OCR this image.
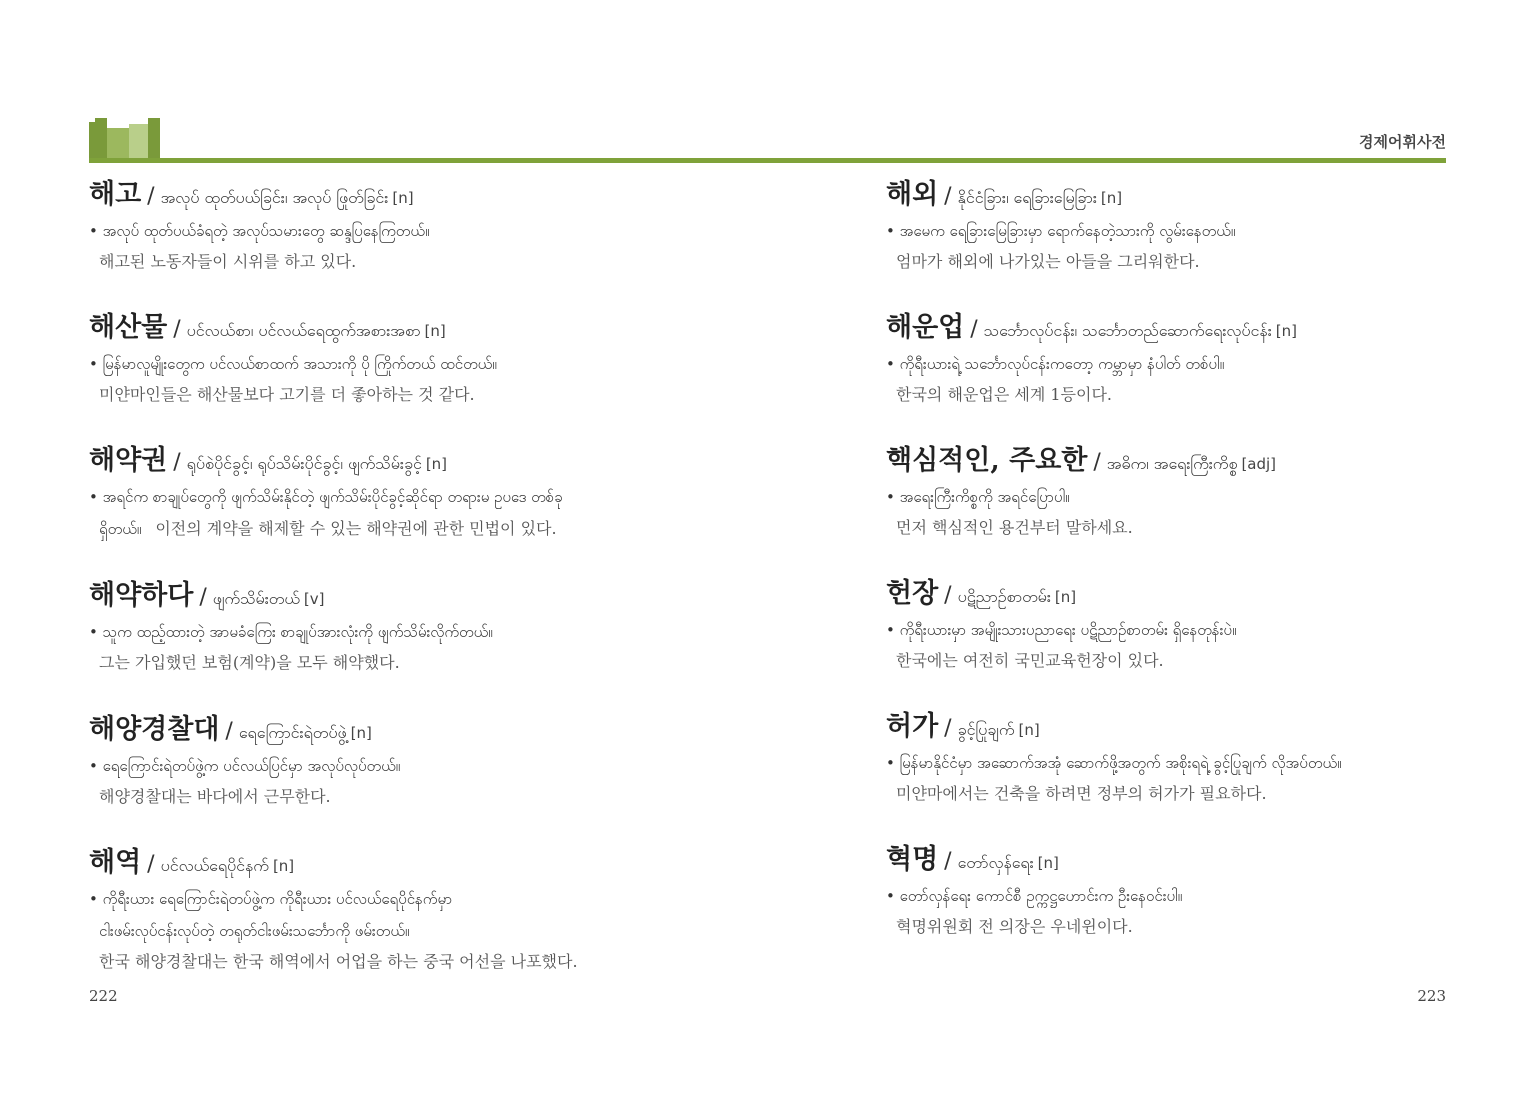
경제어휘사전
해고 / အလုပ် ထုတ်ပယ်ခြင်း၊ အလုပ် ဖြုတ်ခြင်း [n]
• အလုပ် ထုတ်ပယ်ခံရတဲ့ အလုပ်သမားတွေ ဆန္ဒပြနေကြတယ်။
해고된 노동자들이 시위를 하고 있다.
해산물 / ပင်လယ်စာ၊ ပင်လယ်ရေထွက်အစားအစာ [n]
• မြန်မာလူမျိုးတွေက ပင်လယ်စာထက် အသားကို ပို ကြိုက်တယ် ထင်တယ်။
미얀마인들은 해산물보다 고기를 더 좋아하는 것 같다.
해약권 / ရုပ်စဲပိုင်ခွင့်၊ ရုပ်သိမ်းပိုင်ခွင့်၊ ဖျက်သိမ်းခွင့် [n]
• အရင်က စာချုပ်တွေကို ဖျက်သိမ်းနိုင်တဲ့ ဖျက်သိမ်းပိုင်ခွင့်ဆိုင်ရာ တရားမ ဥပဒေ တစ်ခု
ရှိတယ်။ 이전의 계약을 해제할 수 있는 해약권에 관한 민법이 있다.
해약하다 / ဖျက်သိမ်းတယ် [v]
• သူက ထည့်ထားတဲ့ အာမခံကြေး စာချုပ်အားလုံးကို ဖျက်သိမ်းလိုက်တယ်။
그는 가입했던 보험(계약)을 모두 해약했다.
해양경찰대 / ရေကြောင်းရဲတပ်ဖွဲ့ [n]
• ရေကြောင်းရဲတပ်ဖွဲ့က ပင်လယ်ပြင်မှာ အလုပ်လုပ်တယ်။
해양경찰대는 바다에서 근무한다.
해역 / ပင်လယ်ရေပိုင်နက် [n]
• ကိုရီးယား ရေကြောင်းရဲတပ်ဖွဲ့က ကိုရီးယား ပင်လယ်ရေပိုင်နက်မှာ
ငါးဖမ်းလုပ်ငန်းလုပ်တဲ့ တရုတ်ငါးဖမ်းသင်္ဘောကို ဖမ်းတယ်။
한국 해양경찰대는 한국 해역에서 어업을 하는 중국 어선을 나포했다.
해외 / နိုင်ငံခြား၊ ရေခြားမြေခြား [n]
• အမေက ရေခြားမြေခြားမှာ ရောက်နေတဲ့သားကို လွမ်းနေတယ်။
엄마가 해외에 나가있는 아들을 그리워한다.
해운업 / သင်္ဘောလုပ်ငန်း၊ သင်္ဘောတည်ဆောက်ရေးလုပ်ငန်း [n]
• ကိုရီးယားရဲ့ သင်္ဘောလုပ်ငန်းကတော့ ကမ္ဘာမှာ နံပါတ် တစ်ပါ။
한국의 해운업은 세계 1등이다.
핵심적인, 주요한 / အဓိက၊ အရေးကြီးကိစ္စ [adj]
• အရေးကြီးကိစ္စကို အရင်ပြောပါ။
먼저 핵심적인 용건부터 말하세요.
헌장 / ပဋိညာဉ်စာတမ်း [n]
• ကိုရီးယားမှာ အမျိုးသားပညာရေး ပဋိညာဉ်စာတမ်း ရှိနေတုန်းပဲ။
한국에는 여전히 국민교육헌장이 있다.
허가 / ခွင့်ပြုချက် [n]
• မြန်မာနိုင်ငံမှာ အဆောက်အအုံ ဆောက်ဖို့အတွက် အစိုးရရဲ့ ခွင့်ပြုချက် လိုအပ်တယ်။
미얀마에서는 건축을 하려면 정부의 허가가 필요하다.
혁명 / တော်လှန်ရေး [n]
• တော်လှန်ရေး ကောင်စီ ဥက္ကဋ္ဌဟောင်းက ဦးနေဝင်းပါ။
혁명위원회 전 의장은 우네윈이다.
222	223
